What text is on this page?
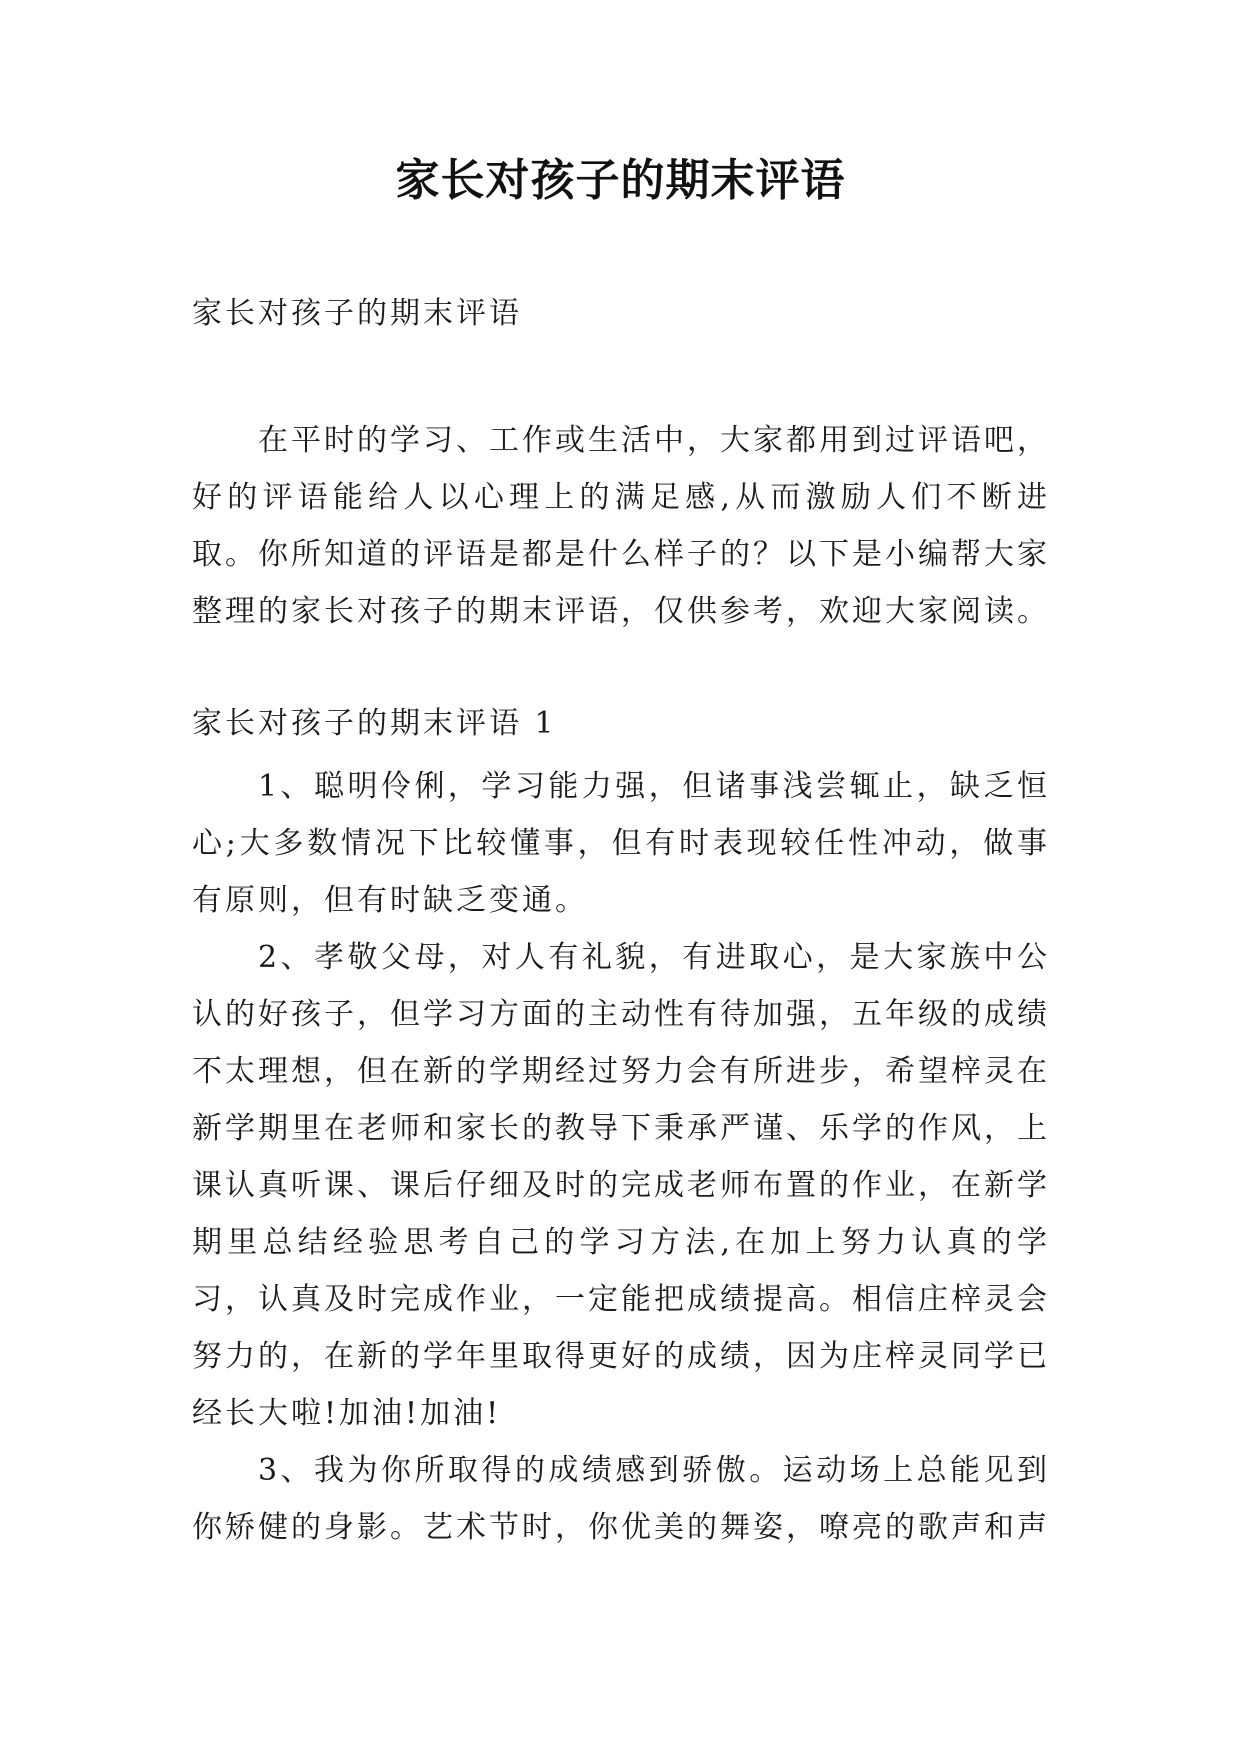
家长对孩子的期末评语
家长对孩子的期末评语
在平时的学习、工作或生活中，大家都用到过评语吧，好的评语能给人以心理上的满足感,从而激励人们不断进取。你所知道的评语是都是什么样子的？以下是小编帮大家整理的家长对孩子的期末评语，仅供参考，欢迎大家阅读。
家长对孩子的期末评语 1

1、聪明伶俐，学习能力强，但诸事浅尝辄止，缺乏恒心;大多数情况下比较懂事，但有时表现较任性冲动，做事有原则，但有时缺乏变通。

2、孝敬父母，对人有礼貌，有进取心，是大家族中公认的好孩子，但学习方面的主动性有待加强，五年级的成绩不太理想，但在新的学期经过努力会有所进步，希望梓灵在新学期里在老师和家长的教导下秉承严谨、乐学的作风，上课认真听课、课后仔细及时的完成老师布置的作业，在新学期里总结经验思考自己的学习方法,在加上努力认真的学习，认真及时完成作业，一定能把成绩提高。相信庄梓灵会努力的，在新的学年里取得更好的成绩，因为庄梓灵同学已经长大啦!加油!加油!

3、我为你所取得的成绩感到骄傲。运动场上总能见到你矫健的身影。艺术节时，你优美的舞姿，嘹亮的歌声和声
